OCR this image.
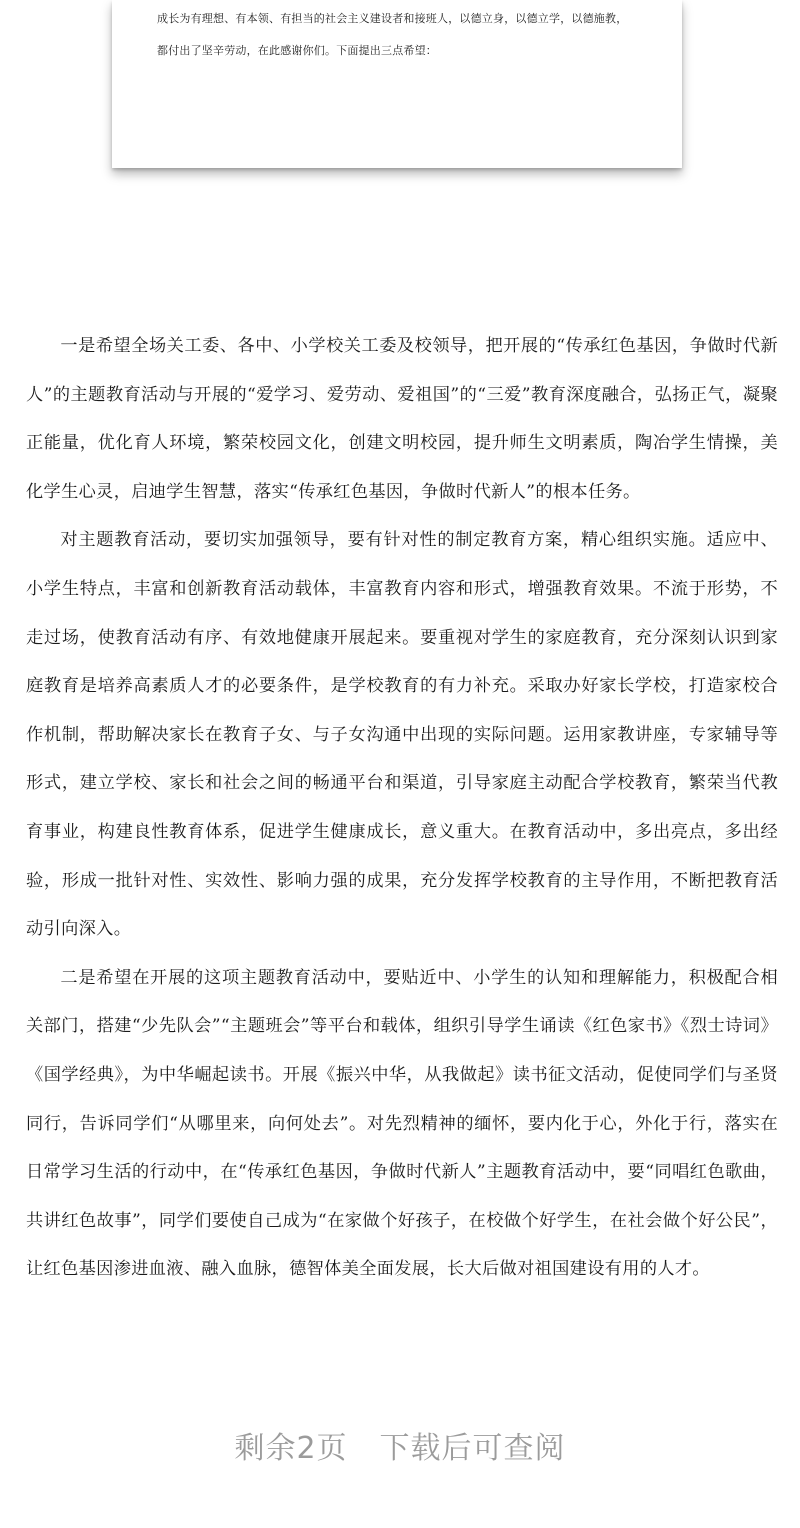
成长为有理想、有本领、有担当的社会主义建设者和接班人，以德立身，以德立学，以德施教，
都付出了坚辛劳动，在此感谢你们。下面提出三点希望：

一是希望全场关工委、各中、小学校关工委及校领导，把开展的“传承红色基因，争做时代新人”的主题教育活动与开展的“爱学习、爱劳动、爱祖国”的“三爱”教育深度融合，弘扬正气，凝聚正能量，优化育人环境，繁荣校园文化，创建文明校园，提升师生文明素质，陶冶学生情操，美化学生心灵，启迪学生智慧，落实“传承红色基因，争做时代新人”的根本任务。

对主题教育活动，要切实加强领导，要有针对性的制定教育方案，精心组织实施。适应中、小学生特点，丰富和创新教育活动载体，丰富教育内容和形式，增强教育效果。不流于形势，不走过场，使教育活动有序、有效地健康开展起来。要重视对学生的家庭教育，充分深刻认识到家庭教育是培养高素质人才的必要条件，是学校教育的有力补充。采取办好家长学校，打造家校合作机制，帮助解决家长在教育子女、与子女沟通中出现的实际问题。运用家教讲座，专家辅导等形式，建立学校、家长和社会之间的畅通平台和渠道，引导家庭主动配合学校教育，繁荣当代教育事业，构建良性教育体系，促进学生健康成长，意义重大。在教育活动中，多出亮点，多出经验，形成一批针对性、实效性、影响力强的成果，充分发挥学校教育的主导作用，不断把教育活动引向深入。

二是希望在开展的这项主题教育活动中，要贴近中、小学生的认知和理解能力，积极配合相关部门，搭建“少先队会”“主题班会”等平台和载体，组织引导学生诵读《红色家书》《烈士诗词》《国学经典》，为中华崛起读书。开展《振兴中华，从我做起》读书征文活动，促使同学们与圣贤同行，告诉同学们“从哪里来，向何处去”。对先烈精神的缅怀，要内化于心，外化于行，落实在日常学习生活的行动中，在“传承红色基因，争做时代新人”主题教育活动中，要“同唱红色歌曲，共讲红色故事”，同学们要使自己成为“在家做个好孩子，在校做个好学生，在社会做个好公民”，让红色基因渗进血液、融入血脉，德智体美全面发展，长大后做对祖国建设有用的人才。

剩余2页 下载后可查阅
